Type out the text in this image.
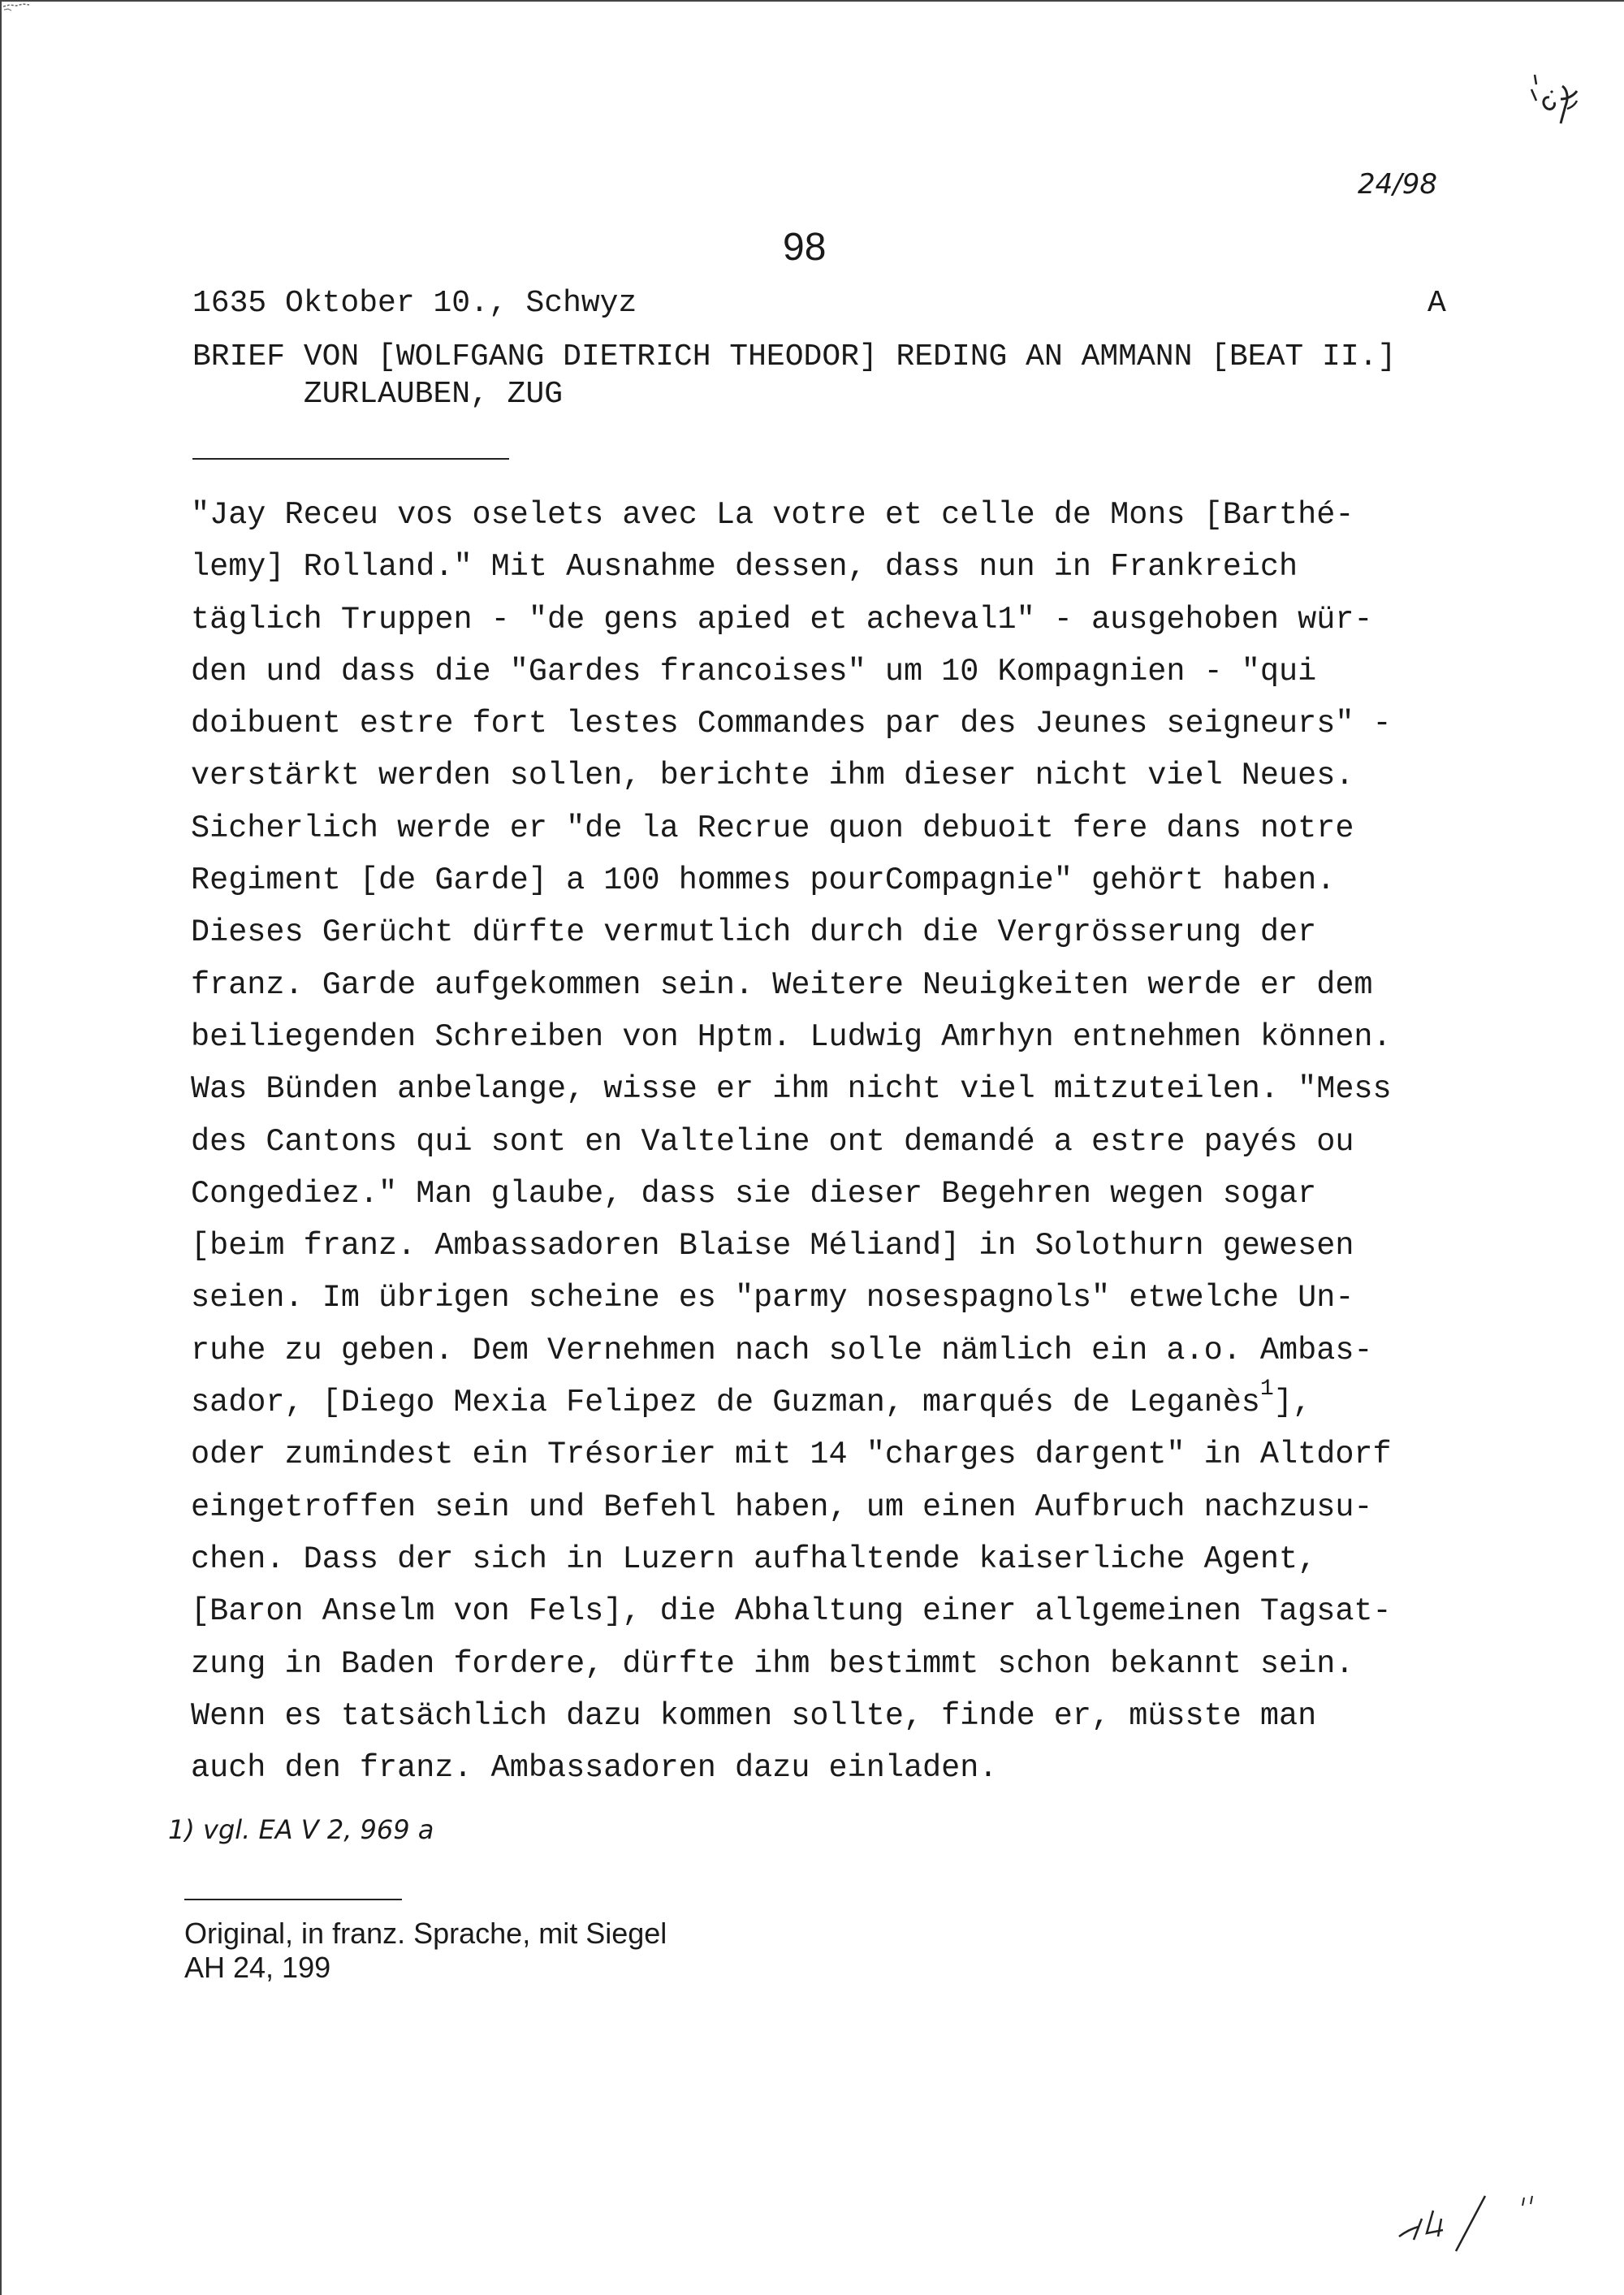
24/98
98
1635 Oktober 10., Schwyz	A
BRIEF VON [WOLFGANG DIETRICH THEODOR] REDING AN AMMANN [BEAT II.]
ZURLAUBEN, ZUG
"Jay Receu vos oselets avec La votre et celle de Mons [Barthé-
lemy] Rolland." Mit Ausnahme dessen, dass nun in Frankreich
täglich Truppen - "de gens apied et acheval1" - ausgehoben wür-
den und dass die "Gardes francoises" um 10 Kompagnien - "qui
doibuent estre fort lestes Commandes par des Jeunes seigneurs" -
verstärkt werden sollen, berichte ihm dieser nicht viel Neues.
Sicherlich werde er "de la Recrue quon debuoit fere dans notre
Regiment [de Garde] a 100 hommes pourCompagnie" gehört haben.
Dieses Gerücht dürfte vermutlich durch die Vergrösserung der
franz. Garde aufgekommen sein. Weitere Neuigkeiten werde er dem
beiliegenden Schreiben von Hptm. Ludwig Amrhyn entnehmen können.
Was Bünden anbelange, wisse er ihm nicht viel mitzuteilen. "Mess
des Cantons qui sont en Valteline ont demandé a estre payés ou
Congediez." Man glaube, dass sie dieser Begehren wegen sogar
[beim franz. Ambassadoren Blaise Méliand] in Solothurn gewesen
seien. Im übrigen scheine es "parmy nosespagnols" etwelche Un-
ruhe zu geben. Dem Vernehmen nach solle nämlich ein a.o. Ambas-
sador, [Diego Mexia Felipez de Guzman, marqués de Leganès$^1$],
oder zumindest ein Trésorier mit 14 "charges dargent" in Altdorf
eingetroffen sein und Befehl haben, um einen Aufbruch nachzusu-
chen. Dass der sich in Luzern aufhaltende kaiserliche Agent,
[Baron Anselm von Fels], die Abhaltung einer allgemeinen Tagsat-
zung in Baden fordere, dürfte ihm bestimmt schon bekannt sein.
Wenn es tatsächlich dazu kommen sollte, finde er, müsste man
auch den franz. Ambassadoren dazu einladen.
1) vgl. EA V 2, 969 a
Original, in franz. Sprache, mit Siegel
AH 24, 199
